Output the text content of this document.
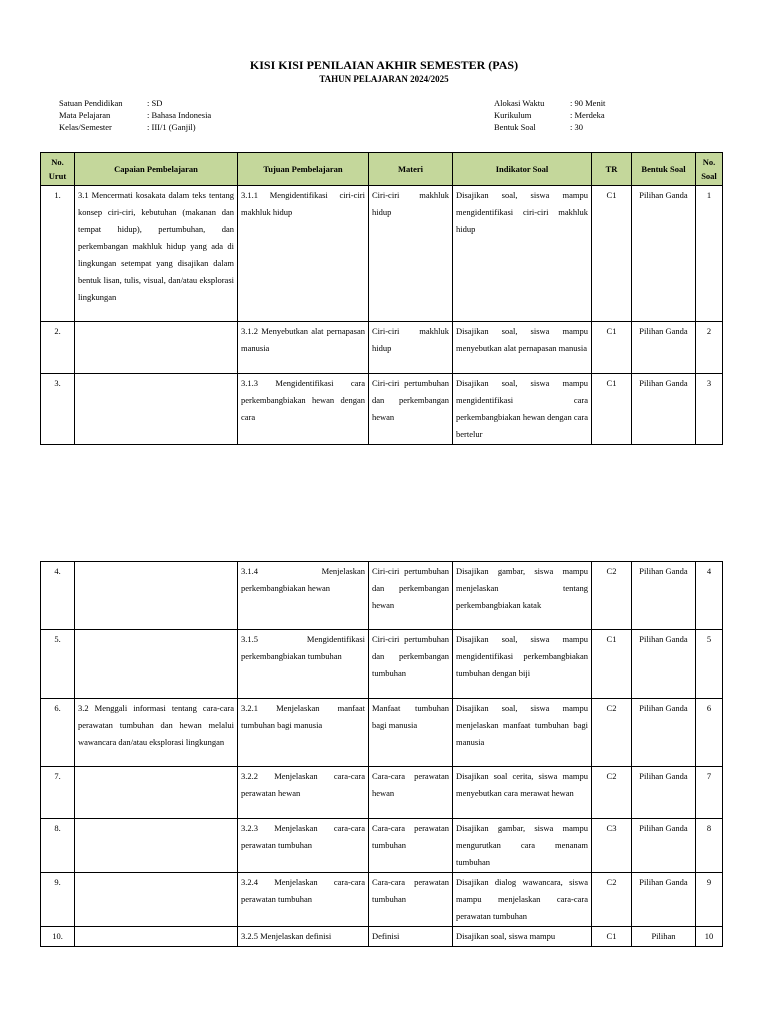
KISI KISI PENILAIAN AKHIR SEMESTER (PAS)
TAHUN PELAJARAN 2024/2025
Satuan Pendidikan	: SD
Mata Pelajaran	: Bahasa Indonesia
Kelas/Semester	: III/1 (Ganjil)
Alokasi Waktu	: 90 Menit
Kurikulum	: Merdeka
Bentuk Soal	: 30
No. Urut	Capaian Pembelajaran	Tujuan Pembelajaran	Materi	Indikator Soal	TR	Bentuk Soal	No. Soal
1.	3.1 Mencermati kosakata dalam teks tentang konsep ciri-ciri, kebutuhan (makanan dan tempat hidup), pertumbuhan, dan perkembangan makhluk hidup yang ada di lingkungan setempat yang disajikan dalam bentuk lisan, tulis, visual, dan/atau eksplorasi lingkungan	3.1.1 Mengidentifikasi ciri-ciri makhluk hidup	Ciri-ciri makhluk hidup	Disajikan soal, siswa mampu mengidentifikasi ciri-ciri makhluk hidup	C1	Pilihan Ganda	1
2.		3.1.2 Menyebutkan alat pernapasan manusia	Ciri-ciri makhluk hidup	Disajikan soal, siswa mampu menyebutkan alat pernapasan manusia	C1	Pilihan Ganda	2
3.		3.1.3 Mengidentifikasi cara perkembangbiakan hewan dengan cara	Ciri-ciri pertumbuhan dan perkembangan hewan	Disajikan soal, siswa mampu mengidentifikasi cara perkembangbiakan hewan dengan cara bertelur	C1	Pilihan Ganda	3
4.		3.1.4 Menjelaskan perkembangbiakan hewan	Ciri-ciri pertumbuhan dan perkembangan hewan	Disajikan gambar, siswa mampu menjelaskan tentang perkembangbiakan katak	C2	Pilihan Ganda	4
5.		3.1.5 Mengidentifikasi perkembangbiakan tumbuhan	Ciri-ciri pertumbuhan dan perkembangan tumbuhan	Disajikan soal, siswa mampu mengidentifikasi perkembangbiakan tumbuhan dengan biji	C1	Pilihan Ganda	5
6.	3.2 Menggali informasi tentang cara-cara perawatan tumbuhan dan hewan melalui wawancara dan/atau eksplorasi lingkungan	3.2.1 Menjelaskan manfaat tumbuhan bagi manusia	Manfaat tumbuhan bagi manusia	Disajikan soal, siswa mampu menjelaskan manfaat tumbuhan bagi manusia	C2	Pilihan Ganda	6
7.		3.2.2 Menjelaskan cara-cara perawatan hewan	Cara-cara perawatan hewan	Disajikan soal cerita, siswa mampu menyebutkan cara merawat hewan	C2	Pilihan Ganda	7
8.		3.2.3 Menjelaskan cara-cara perawatan tumbuhan	Cara-cara perawatan tumbuhan	Disajikan gambar, siswa mampu mengurutkan cara menanam tumbuhan	C3	Pilihan Ganda	8
9.		3.2.4 Menjelaskan cara-cara perawatan tumbuhan	Cara-cara perawatan tumbuhan	Disajikan dialog wawancara, siswa mampu menjelaskan cara-cara perawatan tumbuhan	C2	Pilihan Ganda	9
10.		3.2.5 Menjelaskan definisi	Definisi	Disajikan soal, siswa mampu	C1	Pilihan	10
